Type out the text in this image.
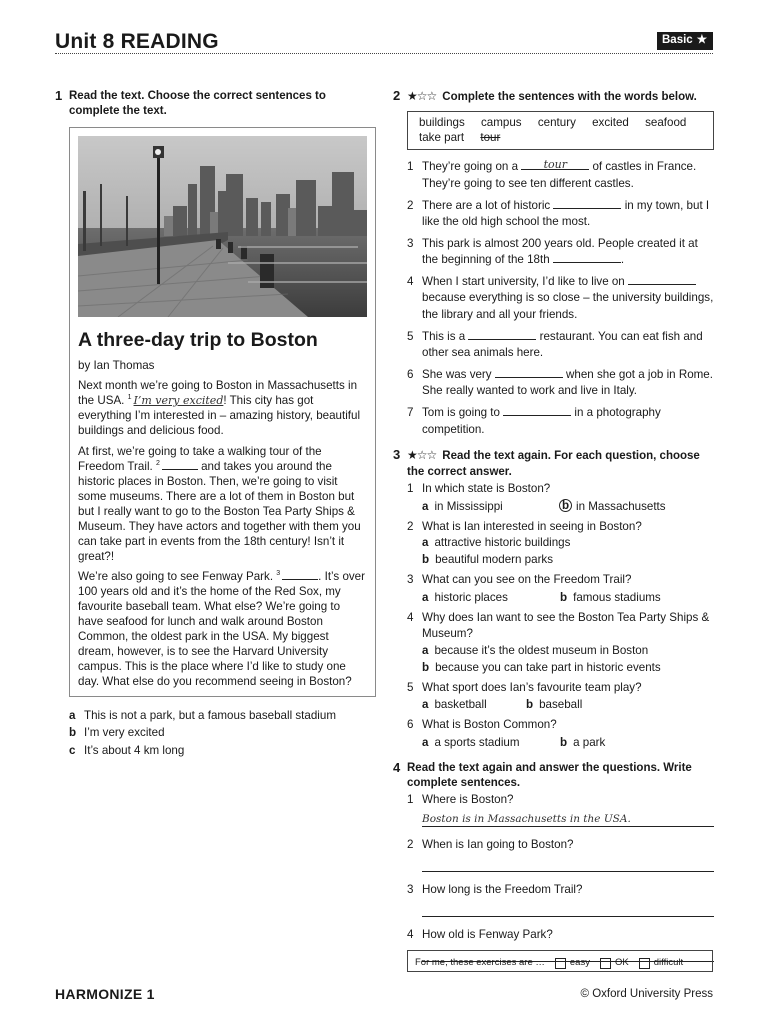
Unit 8 READING	Basic ★
1 Read the text. Choose the correct sentences to complete the text.
A three-day trip to Boston
by Ian Thomas
Next month we’re going to Boston in Massachusetts in the USA. $^1$ I’m very excited! This city has got everything I’m interested in – amazing history, beautiful buildings and delicious food.
At first, we’re going to take a walking tour of the Freedom Trail. $^2$	and takes you around the historic places in Boston. Then, we’re going to visit some museums. There are a lot of them in Boston but but I really want to go to the Boston Tea Party Ships & Museum. They have actors and together with them you can take part in events from the 18th century! Isn’t it great?!
We’re also going to see Fenway Park. $^3$	. It’s over 100 years old and it’s the home of the Red Sox, my favourite baseball team. What else? We’re going to have seafood for lunch and walk around Boston Common, the oldest park in the USA. My biggest dream, however, is to see the Harvard University campus. This is the place where I’d like to study one day. What else do you recommend seeing in Boston?
a This is not a park, but a famous baseball stadium
b I’m very excited
c It’s about 4 km long
2 ★☆☆ Complete the sentences with the words below.
buildings campus century excited seafood
take part tour
1 They’re going on a tour of castles in France. They’re going to see ten different castles.
2 There are a lot of historic	in my town, but I like the old high school the most.
3 This park is almost 200 years old. People created it at the beginning of the 18th	.
4 When I start university, I’d like to live on  because everything is so close – the university buildings, the library and all your friends.
5 This is a	restaurant. You can eat fish and other sea animals here.
6 She was very	when she got a job in Rome. She really wanted to work and live in Italy.
7 Tom is going to	in a photography competition.
3 ★☆☆ Read the text again. For each question, choose the correct answer.
1 In which state is Boston?
a in Mississippi	b in Massachusetts
2 What is Ian interested in seeing in Boston?
a attractive historic buildings
b beautiful modern parks
3 What can you see on the Freedom Trail?
a historic places	b famous stadiums
4 Why does Ian want to see the Boston Tea Party Ships & Museum?
a because it’s the oldest museum in Boston
b because you can take part in historic events
5 What sport does Ian’s favourite team play?
a basketball	b baseball
6 What is Boston Common?
a a sports stadium	b a park
4 Read the text again and answer the questions. Write complete sentences.
1 Where is Boston?
Boston is in Massachusetts in the USA.
2 When is Ian going to Boston?
3 How long is the Freedom Trail?
4 How old is Fenway Park?
For me, these exercises are …	easy	OK	difficult
HARMONIZE 1	© Oxford University Press
